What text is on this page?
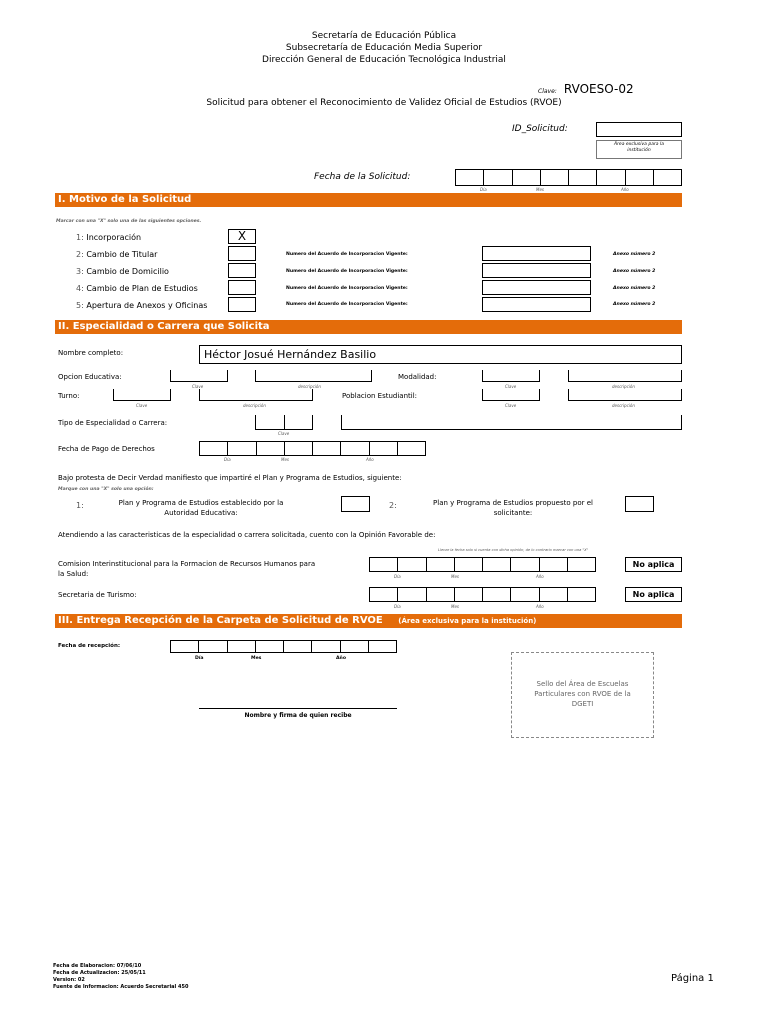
Secretaría de Educación Pública
Subsecretaría de Educación Media Superior
Dirección General de Educación Tecnológica Industrial
Clave: RVOESO-02
Solicitud para obtener el Reconocimiento de Validez Oficial de Estudios (RVOE)
ID_Solicitud:
Área exclusiva para la institución
Fecha de la Solicitud:
Día	Mes	Año
I. Motivo de la Solicitud
Marcar con una "X" solo una de las siguientes opciones.
1: Incorporación	X
2: Cambio de Titular	Numero del Acuerdo de Incorporacion Vigente:	Anexo número 2
3: Cambio de Domicilio	Numero del Acuerdo de Incorporacion Vigente:	Anexo número 2
4: Cambio de Plan de Estudios	Numero del Acuerdo de Incorporacion Vigente:	Anexo número 2
5: Apertura de Anexos y Oficinas	Numero del Acuerdo de Incorporacion Vigente:	Anexo número 2
II. Especialidad o Carrera que Solicita
Nombre completo:	Héctor Josué Hernández Basilio
Opcion Educativa:
Clave	descripción
Modalidad:
Clave	descripción
Turno:
Clave	descripción
Poblacion Estudiantil:
Clave	descripción
Tipo de Especialidad o Carrera:
Clave
Fecha de Pago de Derechos
Día	Mes	Año
Bajo protesta de Decir Verdad manifiesto que impartiré el Plan y Programa de Estudios, siguiente:
Marque con una "X" solo una opción:
1:	Plan y Programa de Estudios establecido por la
Autoridad Educativa:
2:	Plan y Programa de Estudios propuesto por el
solicitante:
Atendiendo a las caracteristicas de la especialidad o carrera solicitada, cuento con la Opinión Favorable de:
Llenar la fecha solo si cuenta con dicha opinión, de lo contrario marcar con una "X"
Comision Interinstitucional para la Formacion de Recursos Humanos para
la Salud:	Día	Mes	Año
No aplica
Secretaria de Turismo:
Día	Mes	Año
No aplica
III. Entrega Recepción de la Carpeta de Solicitud de RVOE (Área exclusiva para la institución)
Fecha de recepción:
Día	Mes	Año
Nombre y firma de quien recibe
Sello del Área de Escuelas Particulares con RVOE de la DGETI
Fecha de Elaboracion: 07/06/10
Fecha de Actualizacion: 25/05/11
Version: 02
Fuente de Informacion: Acuerdo Secretarial 450
Página 1
